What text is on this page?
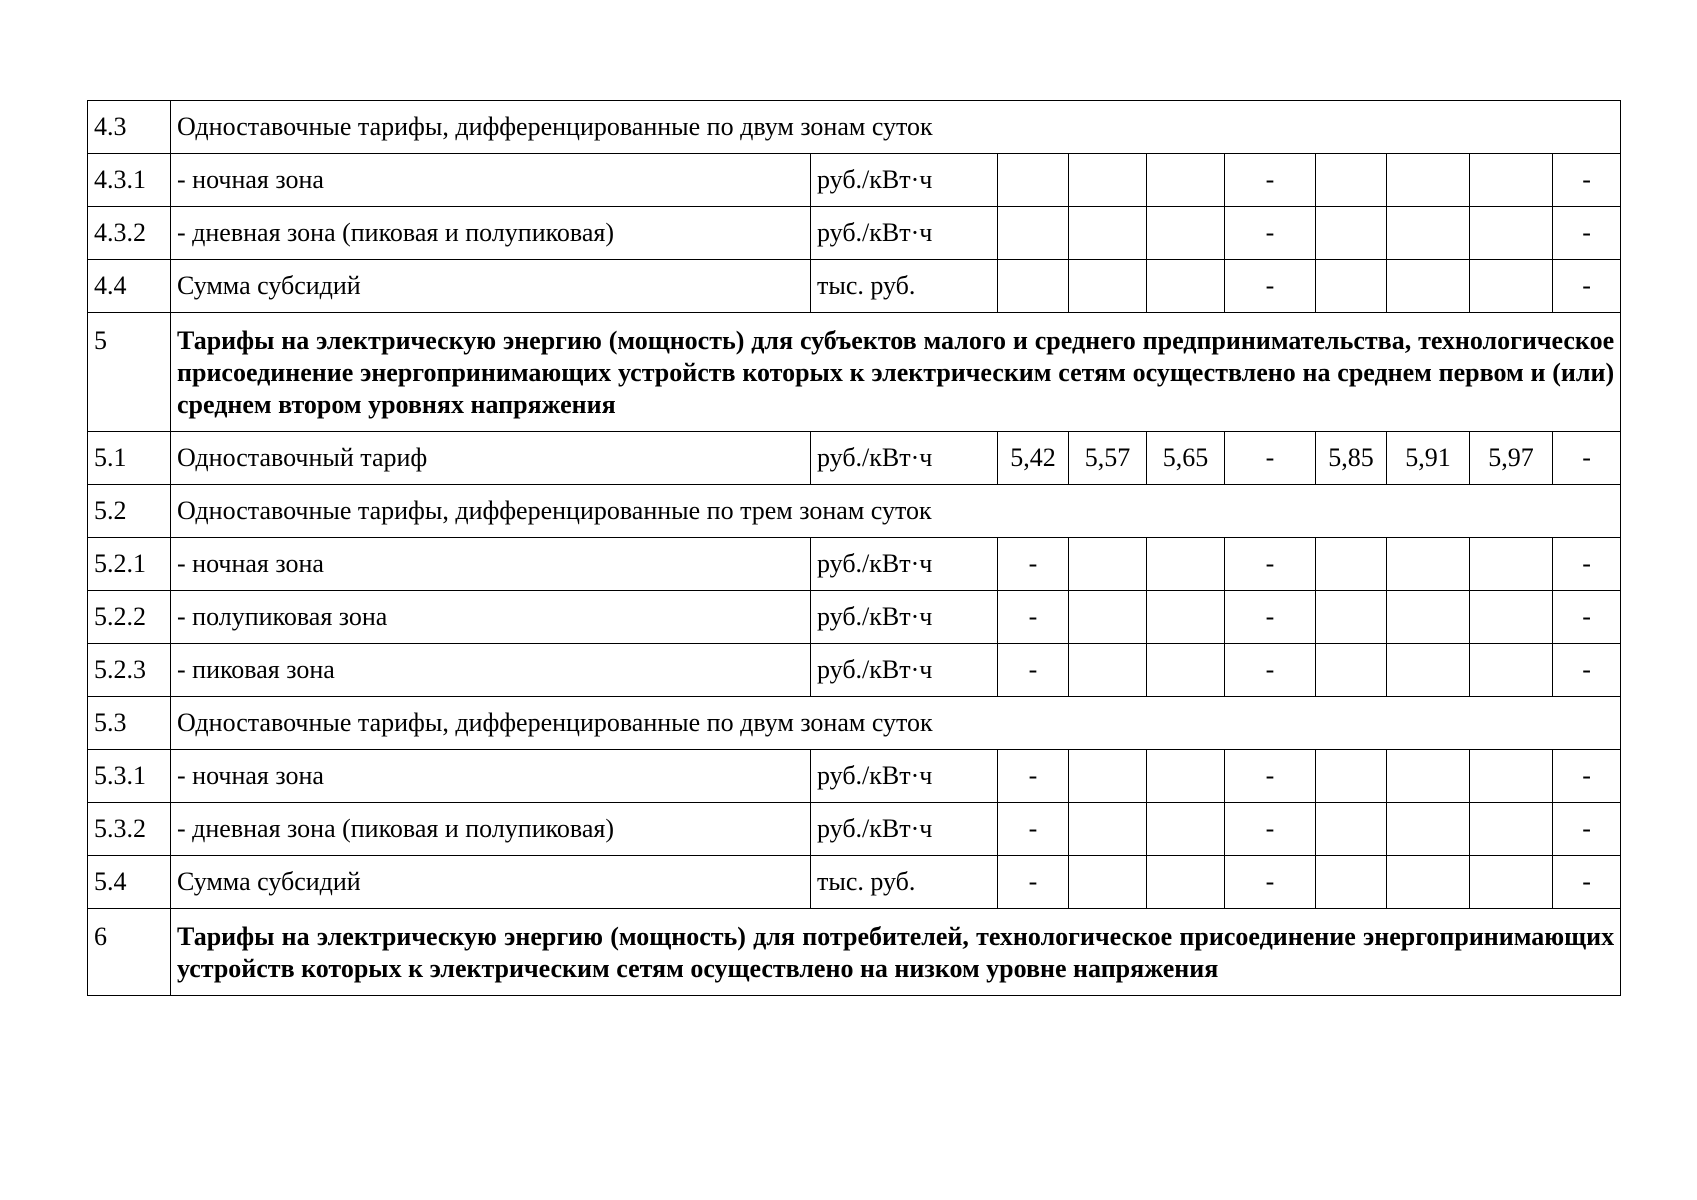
4.3	Одноставочные тарифы, дифференцированные по двум зонам суток									
4.3.1	- ночная зона	руб./кВт·ч				-				-
4.3.2	- дневная зона (пиковая и полупиковая)	руб./кВт·ч				-				-
4.4	Сумма субсидий	тыс. руб.				-				-
5	Тарифы на электрическую энергию (мощность) для субъектов малого и среднего предпринимательства, технологическое присоединение энергопринимающих устройств которых к электрическим сетям осуществлено на среднем первом и (или) среднем втором уровнях напряжения									
5.1	Одноставочный тариф	руб./кВт·ч	5,42	5,57	5,65	-	5,85	5,91	5,97	-
5.2	Одноставочные тарифы, дифференцированные по трем зонам суток									
5.2.1	- ночная зона	руб./кВт·ч	-			-				-
5.2.2	- полупиковая зона	руб./кВт·ч	-			-				-
5.2.3	- пиковая зона	руб./кВт·ч	-			-				-
5.3	Одноставочные тарифы, дифференцированные по двум зонам суток									
5.3.1	- ночная зона	руб./кВт·ч	-			-				-
5.3.2	- дневная зона (пиковая и полупиковая)	руб./кВт·ч	-			-				-
5.4	Сумма субсидий	тыс. руб.	-			-				-
6	Тарифы на электрическую энергию (мощность) для потребителей, технологическое присоединение энергопринимающих устройств которых к электрическим сетям осуществлено на низком уровне напряжения									
